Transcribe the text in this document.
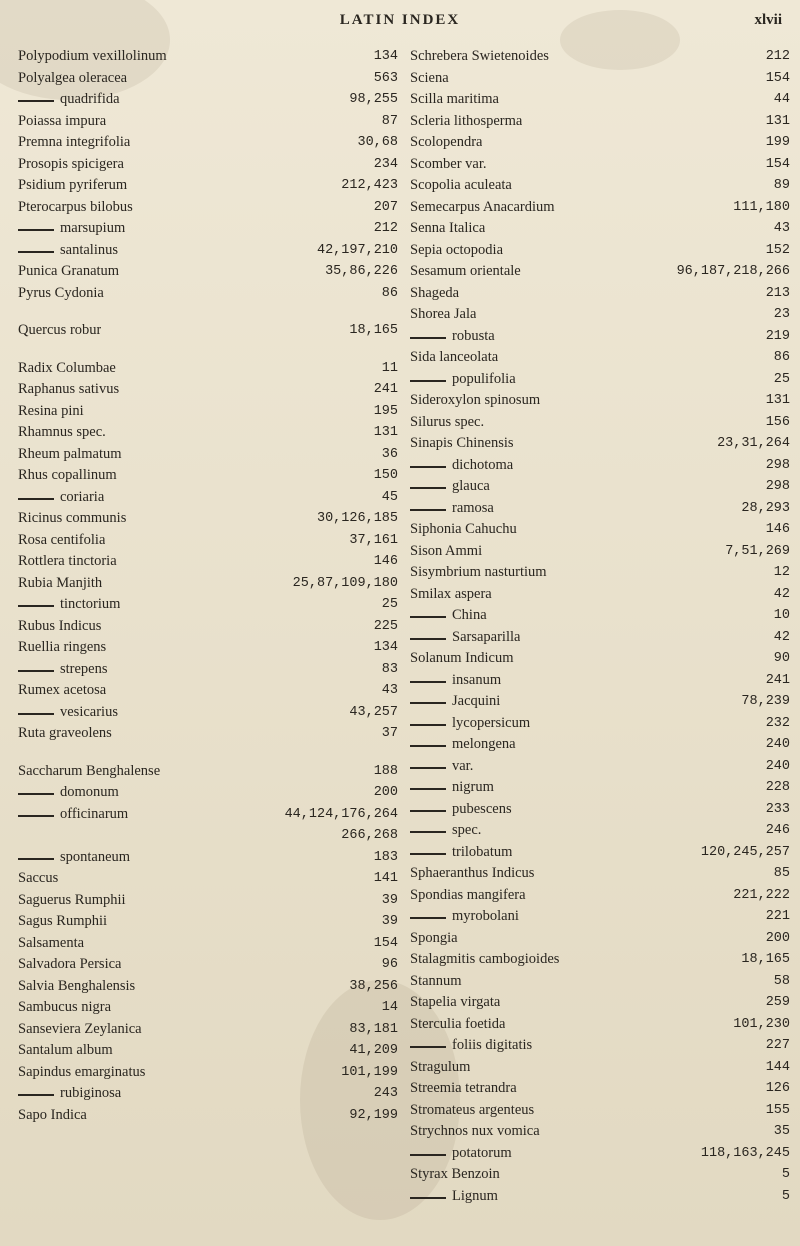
LATIN INDEX	xlvii
Polypodium vexillolinum	134
Polyalgea oleracea	563
quadrifida	98,255
Poiassa impura	87
Premna integrifolia	30,68
Prosopis spicigera	234
Psidium pyriferum	212,423
Pterocarpus bilobus	207
marsupium	212
santalinus	42,197,210
Punica Granatum	35,86,226
Pyrus Cydonia	86
Quercus robur	18,165
Radix Columbae	11
Raphanus sativus	241
Resina pini	195
Rhamnus spec.	131
Rheum palmatum	36
Rhus copallinum	150
coriaria	45
Ricinus communis	30,126,185
Rosa centifolia	37,161
Rottlera tinctoria	146
Rubia Manjith	25,87,109,180
tinctorium	25
Rubus Indicus	225
Ruellia ringens	134
strepens	83
Rumex acetosa	43
vesicarius	43,257
Ruta graveolens	37
Saccharum Benghalense	188
domonum	200
officinarum	44,124,176,264
266,268
spontaneum	183
Saccus	141
Saguerus Rumphii	39
Sagus Rumphii	39
Salsamenta	154
Salvadora Persica	96
Salvia Benghalensis	38,256
Sambucus nigra	14
Sanseviera Zeylanica	83,181
Santalum album	41,209
Sapindus emarginatus	101,199
rubiginosa	243
Sapo Indica	92,199
Schrebera Swietenoides	212
Sciena	154
Scilla maritima	44
Scleria lithosperma	131
Scolopendra	199
Scomber var.	154
Scopolia aculeata	89
Semecarpus Anacardium	111,180
Senna Italica	43
Sepia octopodia	152
Sesamum orientale	96,187,218,266
Shageda	213
Shorea Jala	23
robusta	219
Sida lanceolata	86
populifolia	25
Sideroxylon spinosum	131
Silurus spec.	156
Sinapis Chinensis	23,31,264
dichotoma	298
glauca	298
ramosa	28,293
Siphonia Cahuchu	146
Sison Ammi	7,51,269
Sisymbrium nasturtium	12
Smilax aspera	42
China	10
Sarsaparilla	42
Solanum Indicum	90
insanum	241
Jacquini	78,239
lycopersicum	232
melongena	240
var.	240
nigrum	228
pubescens	233
spec.	246
trilobatum	120,245,257
Sphaeranthus Indicus	85
Spondias mangifera	221,222
myrobolani	221
Spongia	200
Stalagmitis cambogioides	18,165
Stannum	58
Stapelia virgata	259
Sterculia foetida	101,230
foliis digitatis	227
Stragulum	144
Streemia tetrandra	126
Stromateus argenteus	155
Strychnos nux vomica	35
potatorum	118,163,245
Styrax Benzoin	5
Lignum	5
